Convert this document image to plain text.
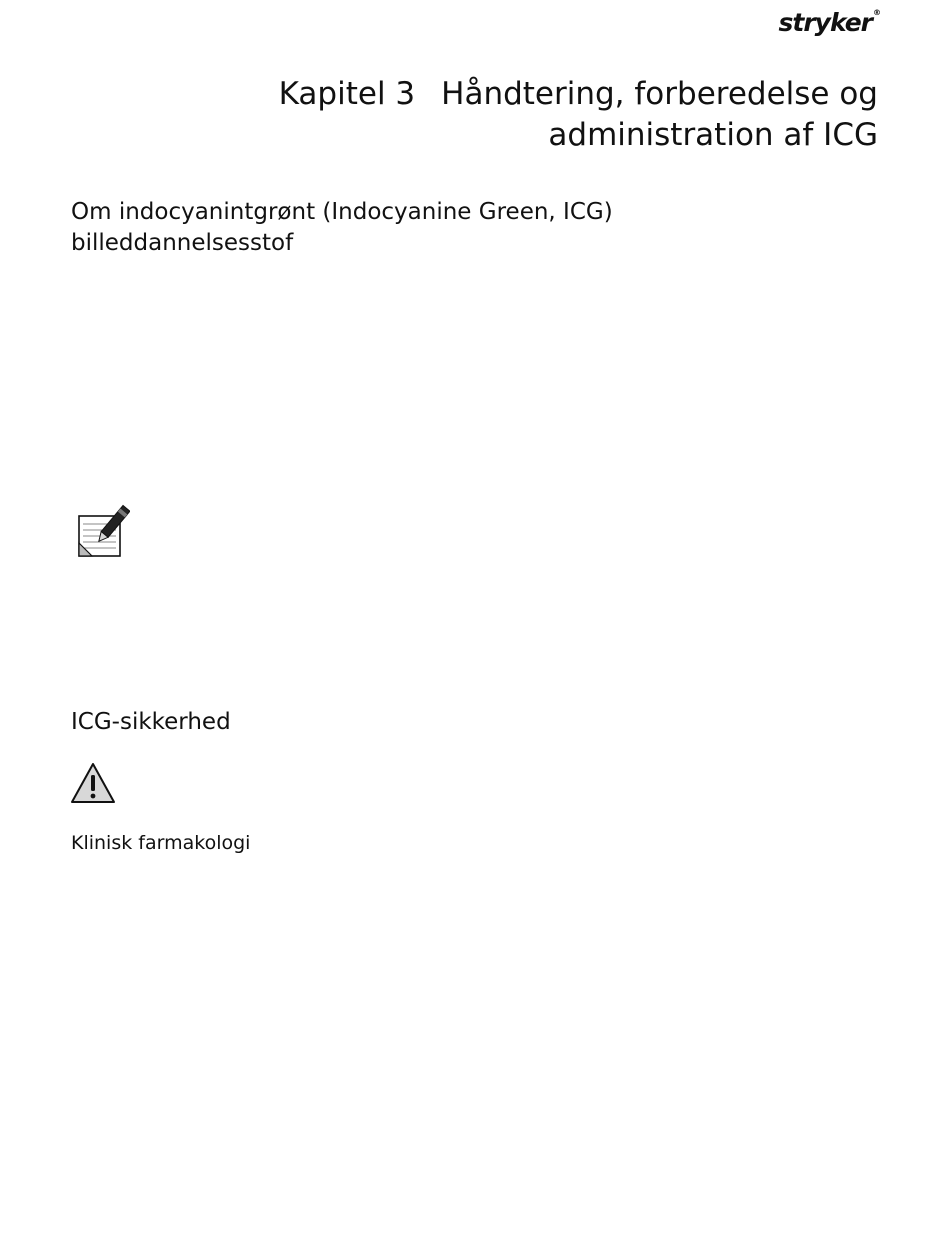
stryker®
Kapitel 3 Håndtering, forberedelse og
administration af ICG
Om indocyanintgrønt (Indocyanine Green, ICG) billeddannelsesstof
ICG-sikkerhed
Klinisk farmakologi
